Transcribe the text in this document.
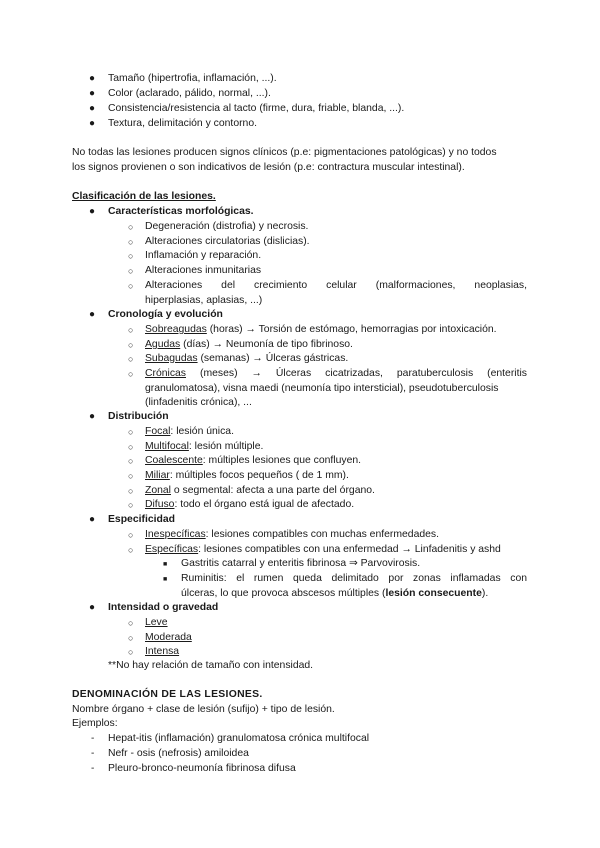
● Tamaño (hipertrofia, inflamación, ...).
● Color (aclarado, pálido, normal, ...).
● Consistencia/resistencia al tacto (firme, dura, friable, blanda, ...).
● Textura, delimitación y contorno.
No todas las lesiones producen signos clínicos (p.e: pigmentaciones patológicas) y no todos
los signos provienen o son indicativos de lesión (p.e: contractura muscular intestinal).
Clasificación de las lesiones.
● Características morfológicas.
○ Degeneración (distrofia) y necrosis.
○ Alteraciones circulatorias (dislicias).
○ Inflamación y reparación.
○ Alteraciones inmunitarias
○ Alteraciones del crecimiento celular (malformaciones, neoplasias,
hiperplasias, aplasias, ...)
● Cronología y evolución
○ Sobreagudas (horas) → Torsión de estómago, hemorragias por intoxicación.
○ Agudas (días) → Neumonía de tipo fibrinoso.
○ Subagudas (semanas) → Úlceras gástricas.
○ Crónicas (meses) → Úlceras cicatrizadas, paratuberculosis (enteritis
granulomatosa), visna maedi (neumonía tipo intersticial), pseudotuberculosis
(linfadenitis crónica), ...
● Distribución
○ Focal: lesión única.
○ Multifocal: lesión múltiple.
○ Coalescente: múltiples lesiones que confluyen.
○ Miliar: múltiples focos pequeños ( de 1 mm).
○ Zonal o segmental: afecta a una parte del órgano.
○ Difuso: todo el órgano está igual de afectado.
● Especificidad
○ Inespecíficas: lesiones compatibles con muchas enfermedades.
○ Específicas: lesiones compatibles con una enfermedad → Linfadenitis y ashd
■ Gastritis catarral y enteritis fibrinosa ⇒ Parvovirosis.
■ Ruminitis: el rumen queda delimitado por zonas inflamadas con
úlceras, lo que provoca abscesos múltiples (lesión consecuente).
● Intensidad o gravedad
○ Leve
○ Moderada
○ Intensa
**No hay relación de tamaño con intensidad.
DENOMINACIÓN DE LAS LESIONES.
Nombre órgano + clase de lesión (sufijo) + tipo de lesión.
Ejemplos:
- Hepat-itis (inflamación) granulomatosa crónica multifocal
- Nefr - osis (nefrosis) amiloidea
- Pleuro-bronco-neumonía fibrinosa difusa
